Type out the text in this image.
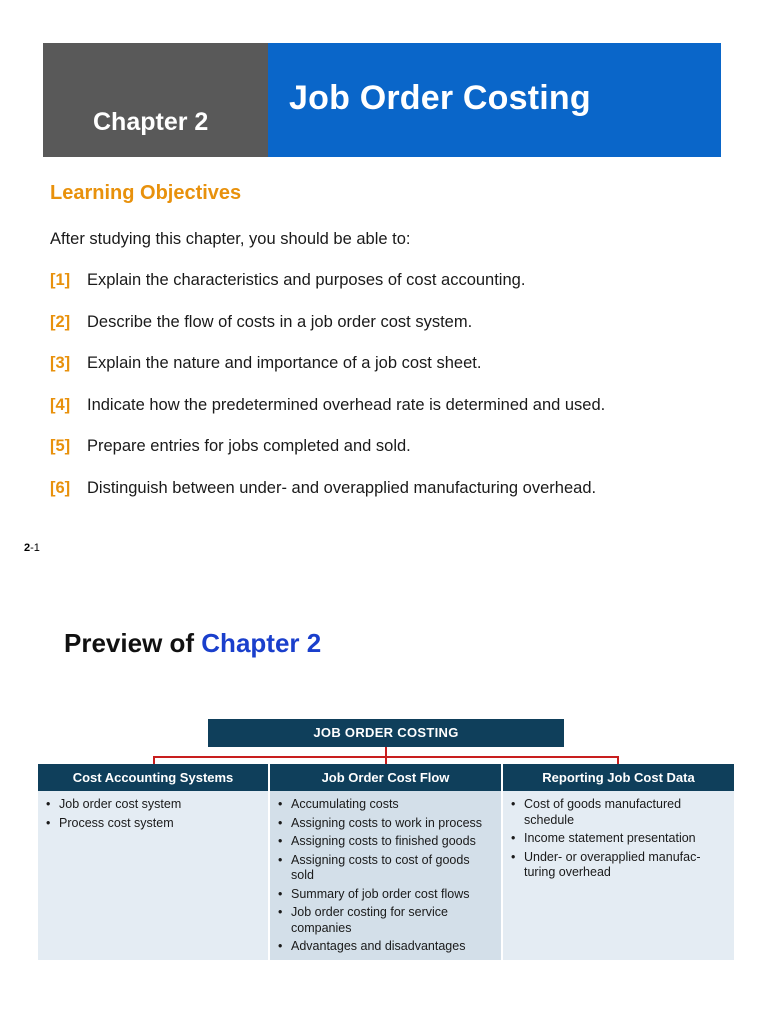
Chapter 2
Job Order Costing
Learning Objectives
After studying this chapter, you should be able to:
[1] Explain the characteristics and purposes of cost accounting.
[2] Describe the flow of costs in a job order cost system.
[3] Explain the nature and importance of a job cost sheet.
[4] Indicate how the predetermined overhead rate is determined and used.
[5] Prepare entries for jobs completed and sold.
[6] Distinguish between under- and overapplied manufacturing overhead.
2-1
Preview of Chapter 2
JOB ORDER COSTING
Cost Accounting Systems
• Job order cost system
• Process cost system
Job Order Cost Flow
• Accumulating costs
• Assigning costs to work in process
• Assigning costs to finished goods
• Assigning costs to cost of goods sold
• Summary of job order cost flows
• Job order costing for service companies
• Advantages and disadvantages
Reporting Job Cost Data
• Cost of goods manufactured schedule
• Income statement presentation
• Under- or overapplied manufac-turing overhead
